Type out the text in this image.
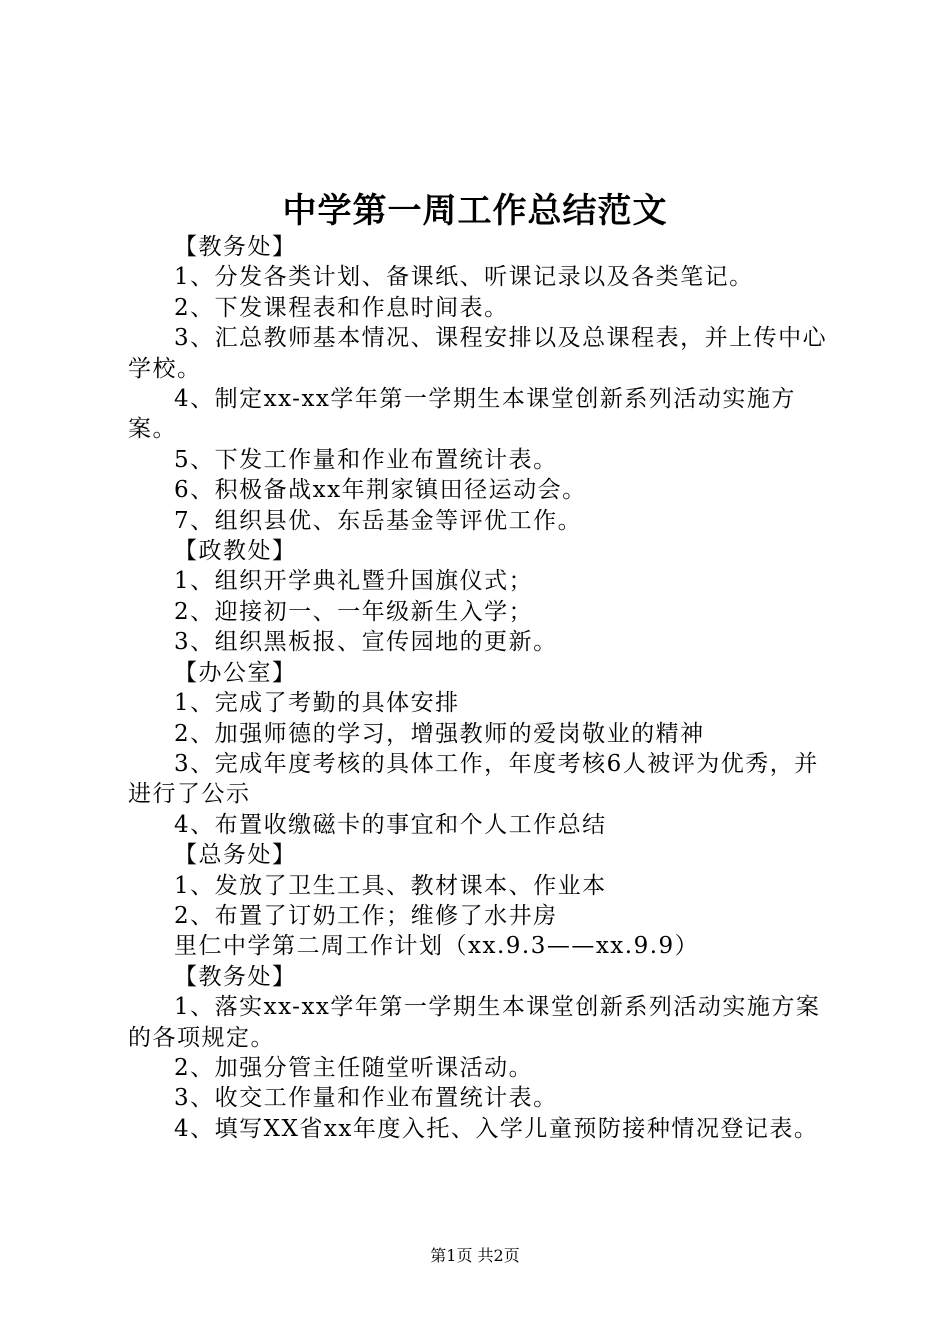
中学第一周工作总结范文

【教务处】

1、分发各类计划、备课纸、听课记录以及各类笔记。

2、下发课程表和作息时间表。

3、汇总教师基本情况、课程安排以及总课程表，并上传中心学校。

4、制定xx-xx学年第一学期生本课堂创新系列活动实施方案。

5、下发工作量和作业布置统计表。

6、积极备战xx年荆家镇田径运动会。

7、组织县优、东岳基金等评优工作。

【政教处】

1、组织开学典礼暨升国旗仪式；

2、迎接初一、一年级新生入学；

3、组织黑板报、宣传园地的更新。

【办公室】

1、完成了考勤的具体安排

2、加强师德的学习，增强教师的爱岗敬业的精神

3、完成年度考核的具体工作，年度考核6人被评为优秀，并进行了公示

4、布置收缴磁卡的事宜和个人工作总结

【总务处】

1、发放了卫生工具、教材课本、作业本

2、布置了订奶工作；维修了水井房

里仁中学第二周工作计划（xx.9.3——xx.9.9）

【教务处】

1、落实xx-xx学年第一学期生本课堂创新系列活动实施方案的各项规定。

2、加强分管主任随堂听课活动。

3、收交工作量和作业布置统计表。

4、填写XX省xx年度入托、入学儿童预防接种情况登记表。

第1页 共2页
